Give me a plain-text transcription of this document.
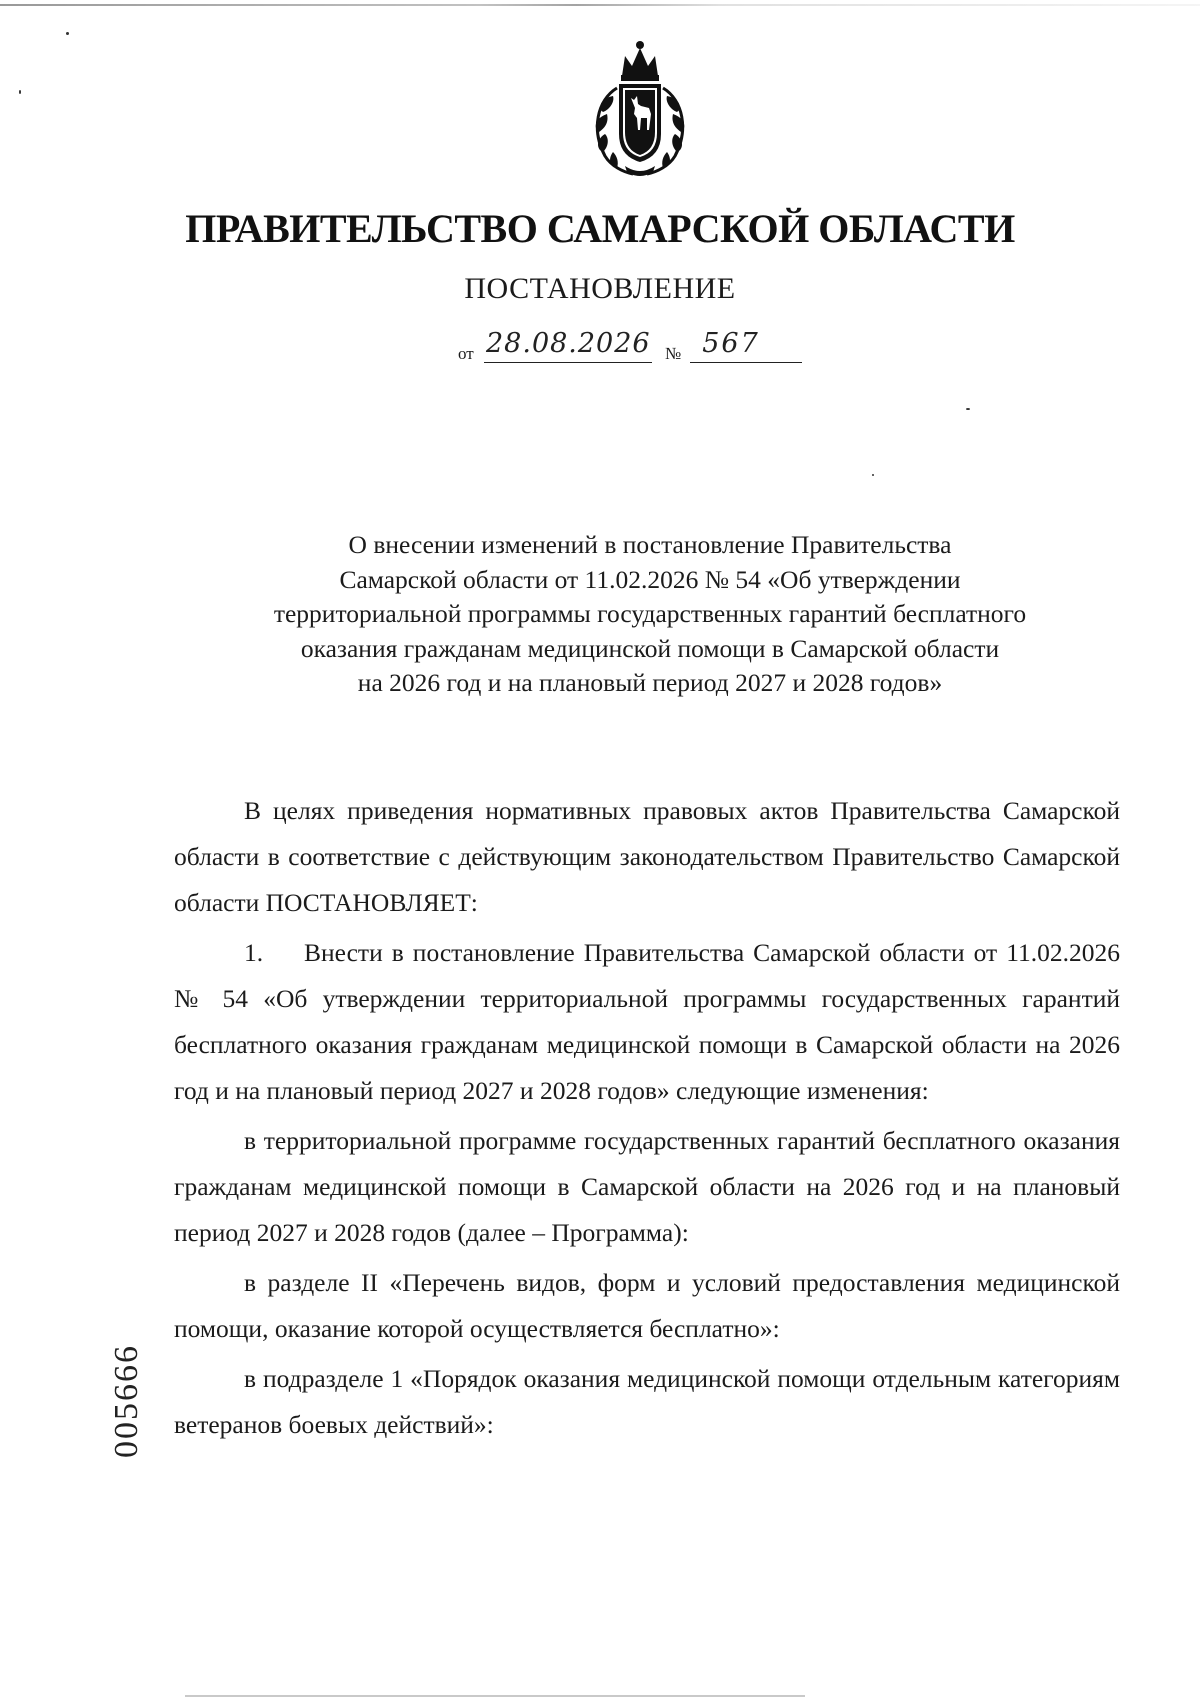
ПРАВИТЕЛЬСТВО САМАРСКОЙ ОБЛАСТИ
ПОСТАНОВЛЕНИЕ
от 28.08.2026 № 567
О внесении изменений в постановление Правительства
Самарской области от 11.02.2026 № 54 «Об утверждении
территориальной программы государственных гарантий бесплатного
оказания гражданам медицинской помощи в Самарской области
на 2026 год и на плановый период 2027 и 2028 годов»

В целях приведения нормативных правовых актов Правительства Самарской области в соответствие с действующим законодательством Правительство Самарской области ПОСТАНОВЛЯЕТ:

1. Внести в постановление Правительства Самарской области от 11.02.2026 № 54 «Об утверждении территориальной программы государственных гарантий бесплатного оказания гражданам медицинской помощи в Самарской области на 2026 год и на плановый период 2027 и 2028 годов» следующие изменения:

в территориальной программе государственных гарантий бесплатного оказания гражданам медицинской помощи в Самарской области на 2026 год и на плановый период 2027 и 2028 годов (далее – Программа):

в разделе II «Перечень видов, форм и условий предоставления медицинской помощи, оказание которой осуществляется бесплатно»:

в подразделе 1 «Порядок оказания медицинской помощи отдельным категориям ветеранов боевых действий»:

005666
